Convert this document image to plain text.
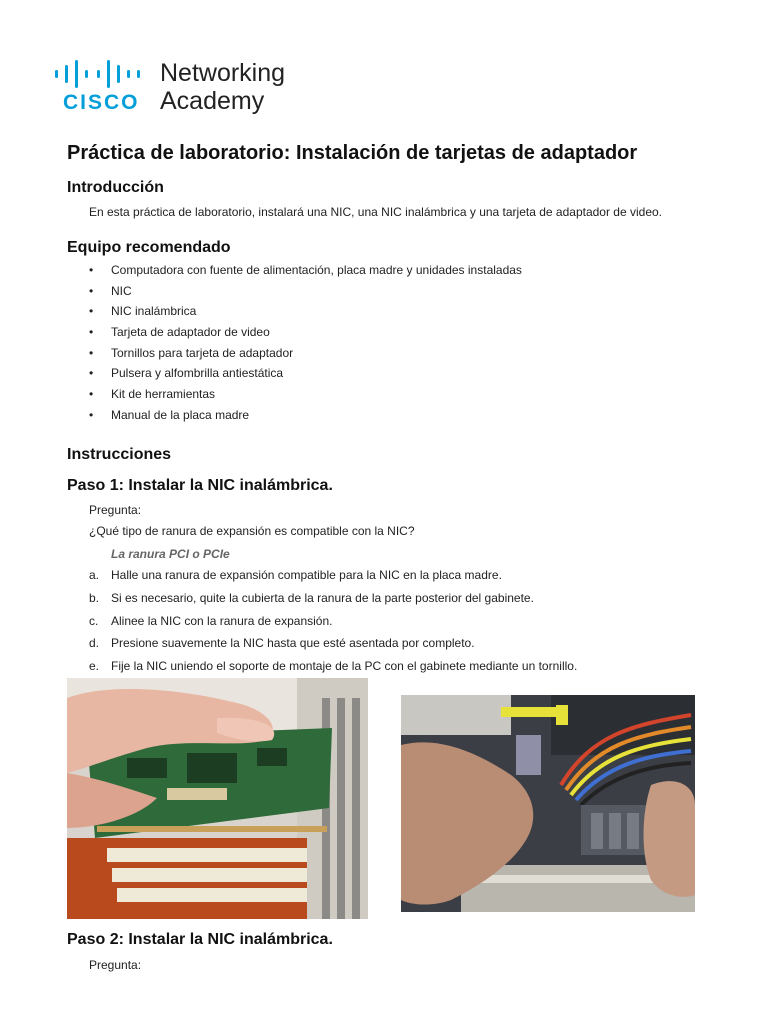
CISCO
Networking
Academy
Práctica de laboratorio: Instalación de tarjetas de adaptador
Introducción

En esta práctica de laboratorio, instalará una NIC, una NIC inalámbrica y una tarjeta de adaptador de video.

Equipo recomendado
• Computadora con fuente de alimentación, placa madre y unidades instaladas
• NIC
• NIC inalámbrica
• Tarjeta de adaptador de video
• Tornillos para tarjeta de adaptador
• Pulsera y alfombrilla antiestática
• Kit de herramientas
• Manual de la placa madre
Instrucciones
Paso 1: Instalar la NIC inalámbrica.

Pregunta:

¿Qué tipo de ranura de expansión es compatible con la NIC?

La ranura PCI o PCIe

a. Halle una ranura de expansión compatible para la NIC en la placa madre.
b. Si es necesario, quite la cubierta de la ranura de la parte posterior del gabinete.
c. Alinee la NIC con la ranura de expansión.
d. Presione suavemente la NIC hasta que esté asentada por completo.
e. Fije la NIC uniendo el soporte de montaje de la PC con el gabinete mediante un tornillo.
Paso 2: Instalar la NIC inalámbrica.

Pregunta:
